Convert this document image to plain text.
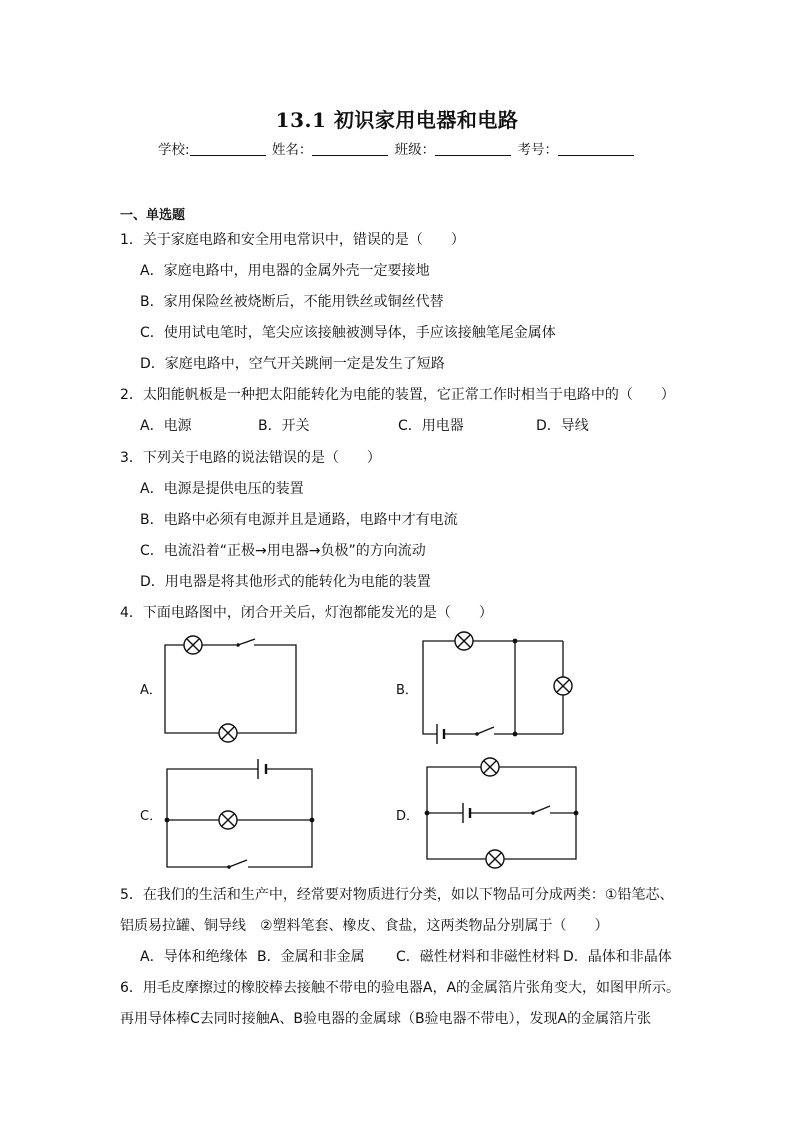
13.1 初识家用电器和电路
学校:	姓名：	班级：	考号：
一、单选题
1．关于家庭电路和安全用电常识中，错误的是（　　）
A．家庭电路中，用电器的金属外壳一定要接地
B．家用保险丝被烧断后，不能用铁丝或铜丝代替
C．使用试电笔时，笔尖应该接触被测导体，手应该接触笔尾金属体
D．家庭电路中，空气开关跳闸一定是发生了短路
2．太阳能帆板是一种把太阳能转化为电能的装置，它正常工作时相当于电路中的（　　）
A．电源	B．开关	C．用电器	D．导线
3．下列关于电路的说法错误的是（　　）
A．电源是提供电压的装置
B．电路中必须有电源并且是通路，电路中才有电流
C．电流沿着“正极→用电器→负极”的方向流动
D．用电器是将其他形式的能转化为电能的装置
4．下面电路图中，闭合开关后，灯泡都能发光的是（　　）
A．	B．
C．	D．
5．在我们的生活和生产中，经常要对物质进行分类，如以下物品可分成两类：①铅笔芯、
铝质易拉罐、铜导线　②塑料笔套、橡皮、食盐，这两类物品分别属于（　　）
A．导体和绝缘体 B．金属和非金属 C．磁性材料和非磁性材料 D．晶体和非晶体
6．用毛皮摩擦过的橡胶棒去接触不带电的验电器A，A的金属箔片张角变大，如图甲所示。
再用导体棒C去同时接触A、B验电器的金属球（B验电器不带电），发现A的金属箔片张
